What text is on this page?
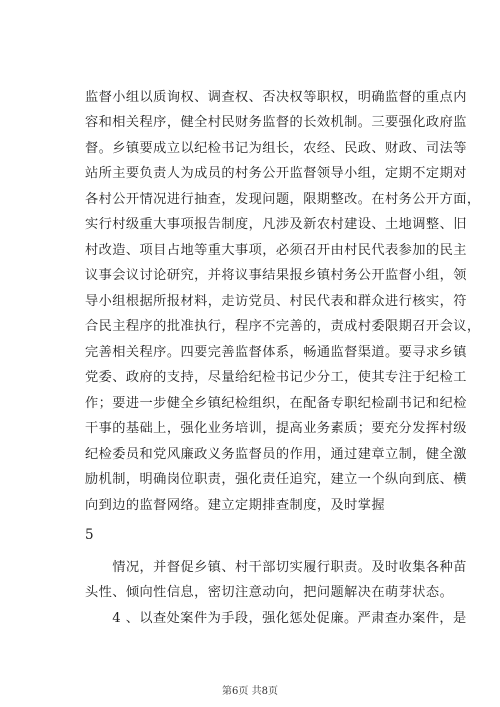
监督小组以质询权、调查权、否决权等职权，明确监督的重点内
容和相关程序，健全村民财务监督的长效机制。三要强化政府监
督。乡镇要成立以纪检书记为组长，农经、民政、财政、司法等
站所主要负责人为成员的村务公开监督领导小组，定期不定期对
各村公开情况进行抽查，发现问题，限期整改。在村务公开方面，
实行村级重大事项报告制度，凡涉及新农村建设、土地调整、旧
村改造、项目占地等重大事项，必须召开由村民代表参加的民主
议事会议讨论研究，并将议事结果报乡镇村务公开监督小组，领
导小组根据所报材料，走访党员、村民代表和群众进行核实，符
合民主程序的批准执行，程序不完善的，责成村委限期召开会议，
完善相关程序。四要完善监督体系，畅通监督渠道。要寻求乡镇
党委、政府的支持，尽量给纪检书记少分工，使其专注于纪检工
作；要进一步健全乡镇纪检组织，在配备专职纪检副书记和纪检
干事的基础上，强化业务培训，提高业务素质；要充分发挥村级
纪检委员和党风廉政义务监督员的作用，通过建章立制，健全激
励机制，明确岗位职责，强化责任追究，建立一个纵向到底、横
向到边的监督网络。建立定期排查制度，及时掌握
5
　　情况，并督促乡镇、村干部切实履行职责。及时收集各种苗
头性、倾向性信息，密切注意动向，把问题解决在萌芽状态。
　　4 、以查处案件为手段，强化惩处促廉。严肃查办案件，是
第6页 共8页
